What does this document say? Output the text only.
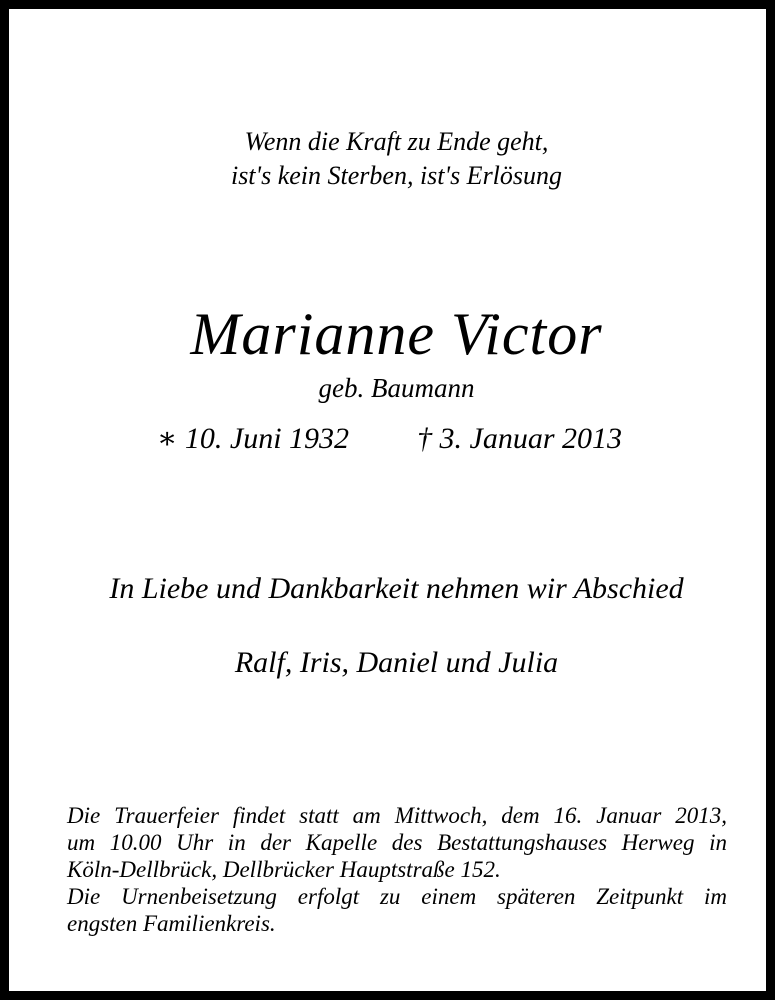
Wenn die Kraft zu Ende geht,
ist's kein Sterben, ist's Erlösung
Marianne Victor
geb. Baumann
∗ 10. Juni 1932 † 3. Januar 2013
In Liebe und Dankbarkeit nehmen wir Abschied
Ralf, Iris, Daniel und Julia

Die Trauerfeier findet statt am Mittwoch, dem 16. Januar 2013,

um 10.00 Uhr in der Kapelle des Bestattungshauses Herweg in

Köln-Dellbrück, Dellbrücker Hauptstraße 152.

Die Urnenbeisetzung erfolgt zu einem späteren Zeitpunkt im

engsten Familienkreis.
